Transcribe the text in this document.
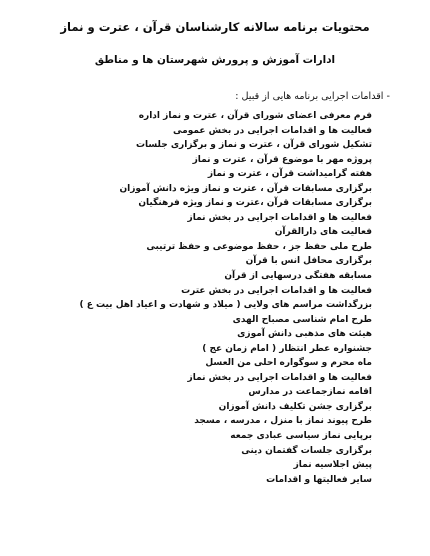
محتویات برنامه سالانه کارشناسان قرآن ، عترت و نماز
ادارات آموزش و پرورش شهرستان ها و مناطق
- اقدامات اجرایی برنامه هایی از قبیل :
فرم معرفی اعضای شورای قرآن ، عترت و نماز اداره
فعالیت ها و اقدامات اجرایی در بخش عمومی
تشکیل شورای قرآن ، عترت و نماز و برگزاری جلسات
پروژه مهر با موضوع قرآن ، عترت و نماز
هفته گرامیداشت قرآن ، عترت و نماز
برگزاری مسابقات قرآن ، عترت و نماز ویژه دانش آموزان
برگزاری مسابقات قرآن ،عترت و نماز ویژه فرهنگیان
فعالیت ها و اقدامات اجرایی در بخش نماز
فعالیت های دارالقرآن
طرح ملی حفظ جز ، حفظ موضوعی و حفظ ترتیبی
برگزاری محافل انس با قرآن
مسابقه هفتگی درسهایی از قرآن
فعالیت ها و اقدامات اجرایی در بخش عترت
بزرگداشت مراسم های ولایی ( میلاد و شهادت و اعیاد اهل بیت ع )
طرح امام شناسی مصباح الهدی
هیئت های مذهبی دانش آموزی
جشنواره عطر انتظار ( امام زمان عج )
ماه محرم و سوگواره احلی من العسل
فعالیت ها و اقدامات اجرایی در بخش نماز
اقامه نمازجماعت در مدارس
برگزاری جشن تکلیف دانش آموزان
طرح پیوند نماز با منزل ، مدرسه ، مسجد
برپایی نماز سیاسی عبادی جمعه
برگزاری جلسات گفتمان دینی
پیش اجلاسیه نماز
سایر فعالیتها و اقدامات
